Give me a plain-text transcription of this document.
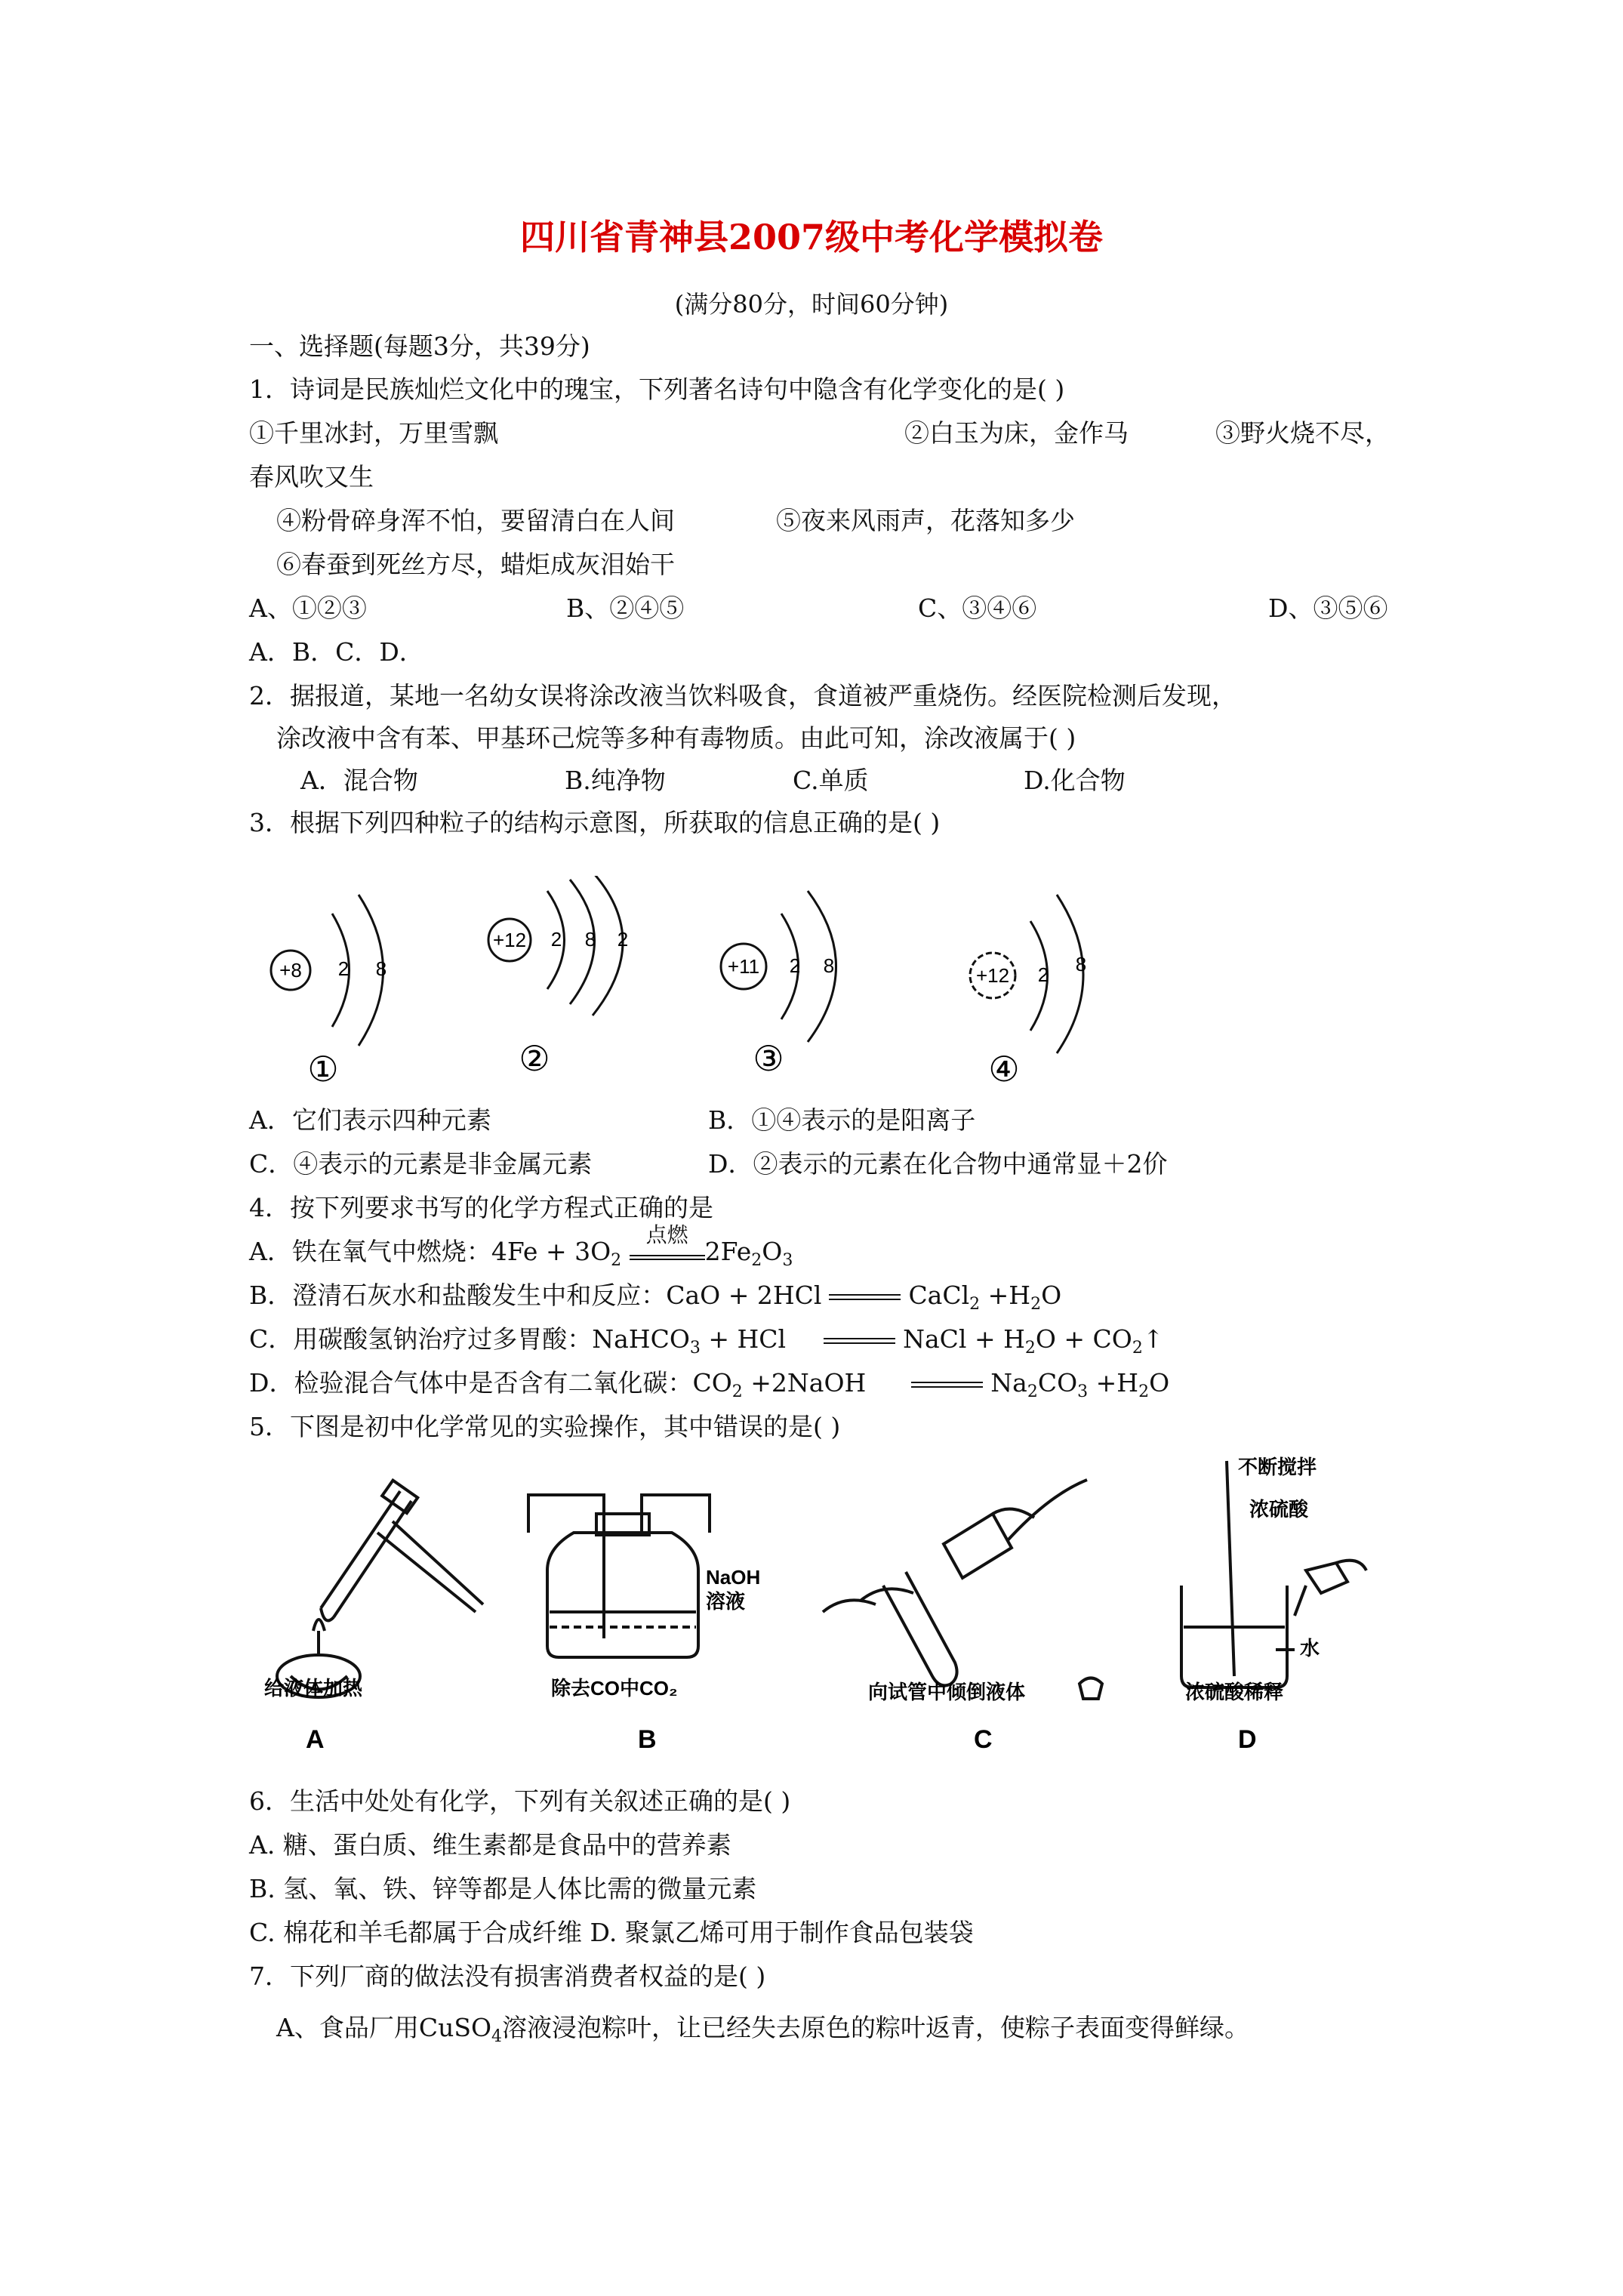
四川省青神县2007级中考化学模拟卷
(满分80分，时间60分钟)
一、选择题(每题3分，共39分)
1．诗词是民族灿烂文化中的瑰宝，下列著名诗句中隐含有化学变化的是( )
①千里冰封，万里雪飘	②白玉为床，金作马	③野火烧不尽，
春风吹又生
④粉骨碎身浑不怕，要留清白在人间	⑤夜来风雨声，花落知多少
⑥春蚕到死丝方尽，蜡炬成灰泪始干
A、①②③	B、②④⑤	C、③④⑥	D、③⑤⑥
A．B．C．D．
2．据报道，某地一名幼女误将涂改液当饮料吸食，食道被严重烧伤。经医院检测后发现，
涂改液中含有苯、甲基环己烷等多种有毒物质。由此可知，涂改液属于( )
A．混合物	B.纯净物	C.单质	D.化合物
3．根据下列四种粒子的结构示意图，所获取的信息正确的是( )
+8 2 8
①
+12 2 8 2
②
+11 2 8
③
+12 2 8
④
A．它们表示四种元素	B．①④表示的是阳离子
C．④表示的元素是非金属元素	D．②表示的元素在化合物中通常显＋2价
4．按下列要求书写的化学方程式正确的是
A．铁在氧气中燃烧：$4Fe + 3O_2$
点燃
$2Fe_2O_3$
B．澄清石灰水和盐酸发生中和反应：CaO + 2HCl	CaCl$_2$ $+H_2O$
C．用碳酸氢钠治疗过多胃酸：NaHCO$_3$ + HCl	NaCl + $H_2O$ + $CO_2↑$
D．检验混合气体中是否含有二氧化碳：$CO_2$ +2NaOH	$Na_2CO_3 +H_2O$
5．下图是初中化学常见的实验操作，其中错误的是( )
给液体加热
A
NaOH
溶液
除去CO中CO₂
B
向试管中倾倒液体
C
不断搅拌
浓硫酸
水
浓硫酸稀释
D
6．生活中处处有化学，下列有关叙述正确的是( )
A. 糖、蛋白质、维生素都是食品中的营养素
B. 氢、氧、铁、锌等都是人体比需的微量元素
C. 棉花和羊毛都属于合成纤维 D. 聚氯乙烯可用于制作食品包装袋
7．下列厂商的做法没有损害消费者权益的是( )
A、食品厂用CuSO$_4$溶液浸泡粽叶，让已经失去原色的粽叶返青，使粽子表面变得鲜绿。
